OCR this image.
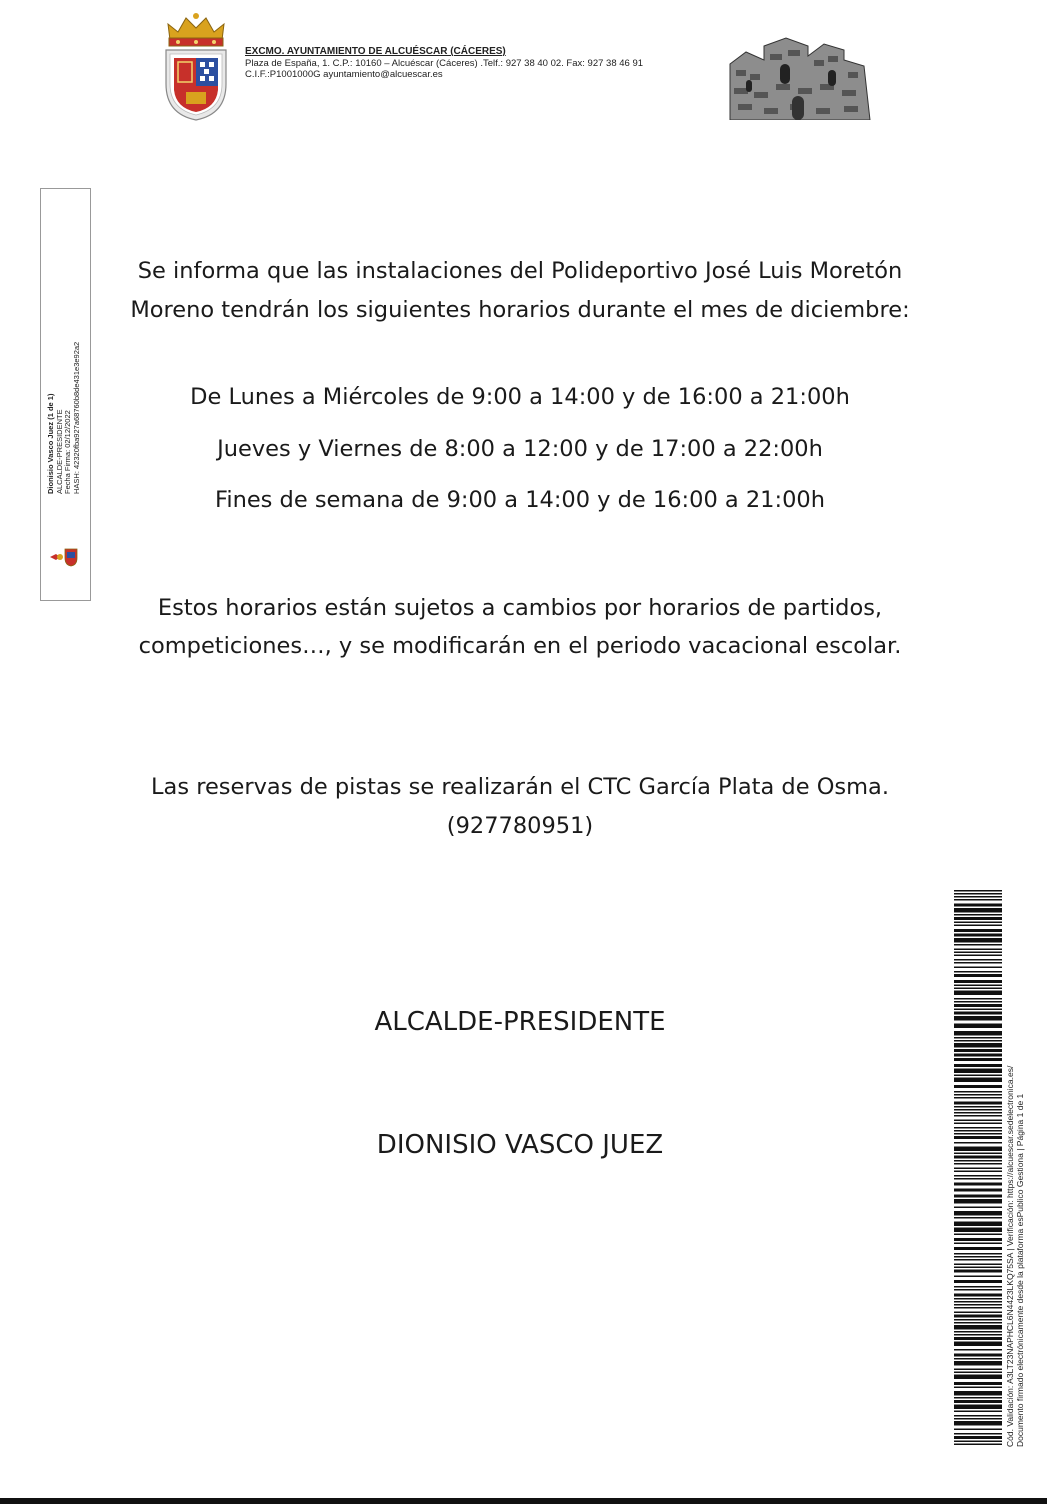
EXCMO. AYUNTAMIENTO DE ALCUÉSCAR (CÁCERES)
Plaza de España, 1. C.P.: 10160 – Alcuéscar (Cáceres) .Telf.: 927 38 40 02. Fax: 927 38 46 91
C.I.F.:P1001000G ayuntamiento@alcuescar.es
Dionisio Vasco Juez (1 de 1) ALCALDE-PRESIDENTE Fecha Firma: 02/12/2022 HASH: 42320fba927a68760b8de431e3e92a2
Se informa que las instalaciones del Polideportivo José Luis Moretón Moreno tendrán los siguientes horarios durante el mes de diciembre:
De Lunes a Miércoles de 9:00 a 14:00 y de 16:00 a 21:00h
Jueves y Viernes de 8:00 a 12:00 y de 17:00 a 22:00h
Fines de semana de 9:00 a 14:00 y de 16:00 a 21:00h
Estos horarios están sujetos a cambios por horarios de partidos, competiciones…, y se modificarán en el periodo vacacional escolar.
Las reservas de pistas se realizarán el CTC García Plata de Osma. (927780951)
ALCALDE-PRESIDENTE
DIONISIO VASCO JUEZ	Cód. Validación: A3LT23NAPHCL6N4423LKQ75SA | Verificación: https://alcuescar.sedelectronica.es/ Documento firmado electrónicamente desde la plataforma esPublico Gestiona | Página 1 de 1
